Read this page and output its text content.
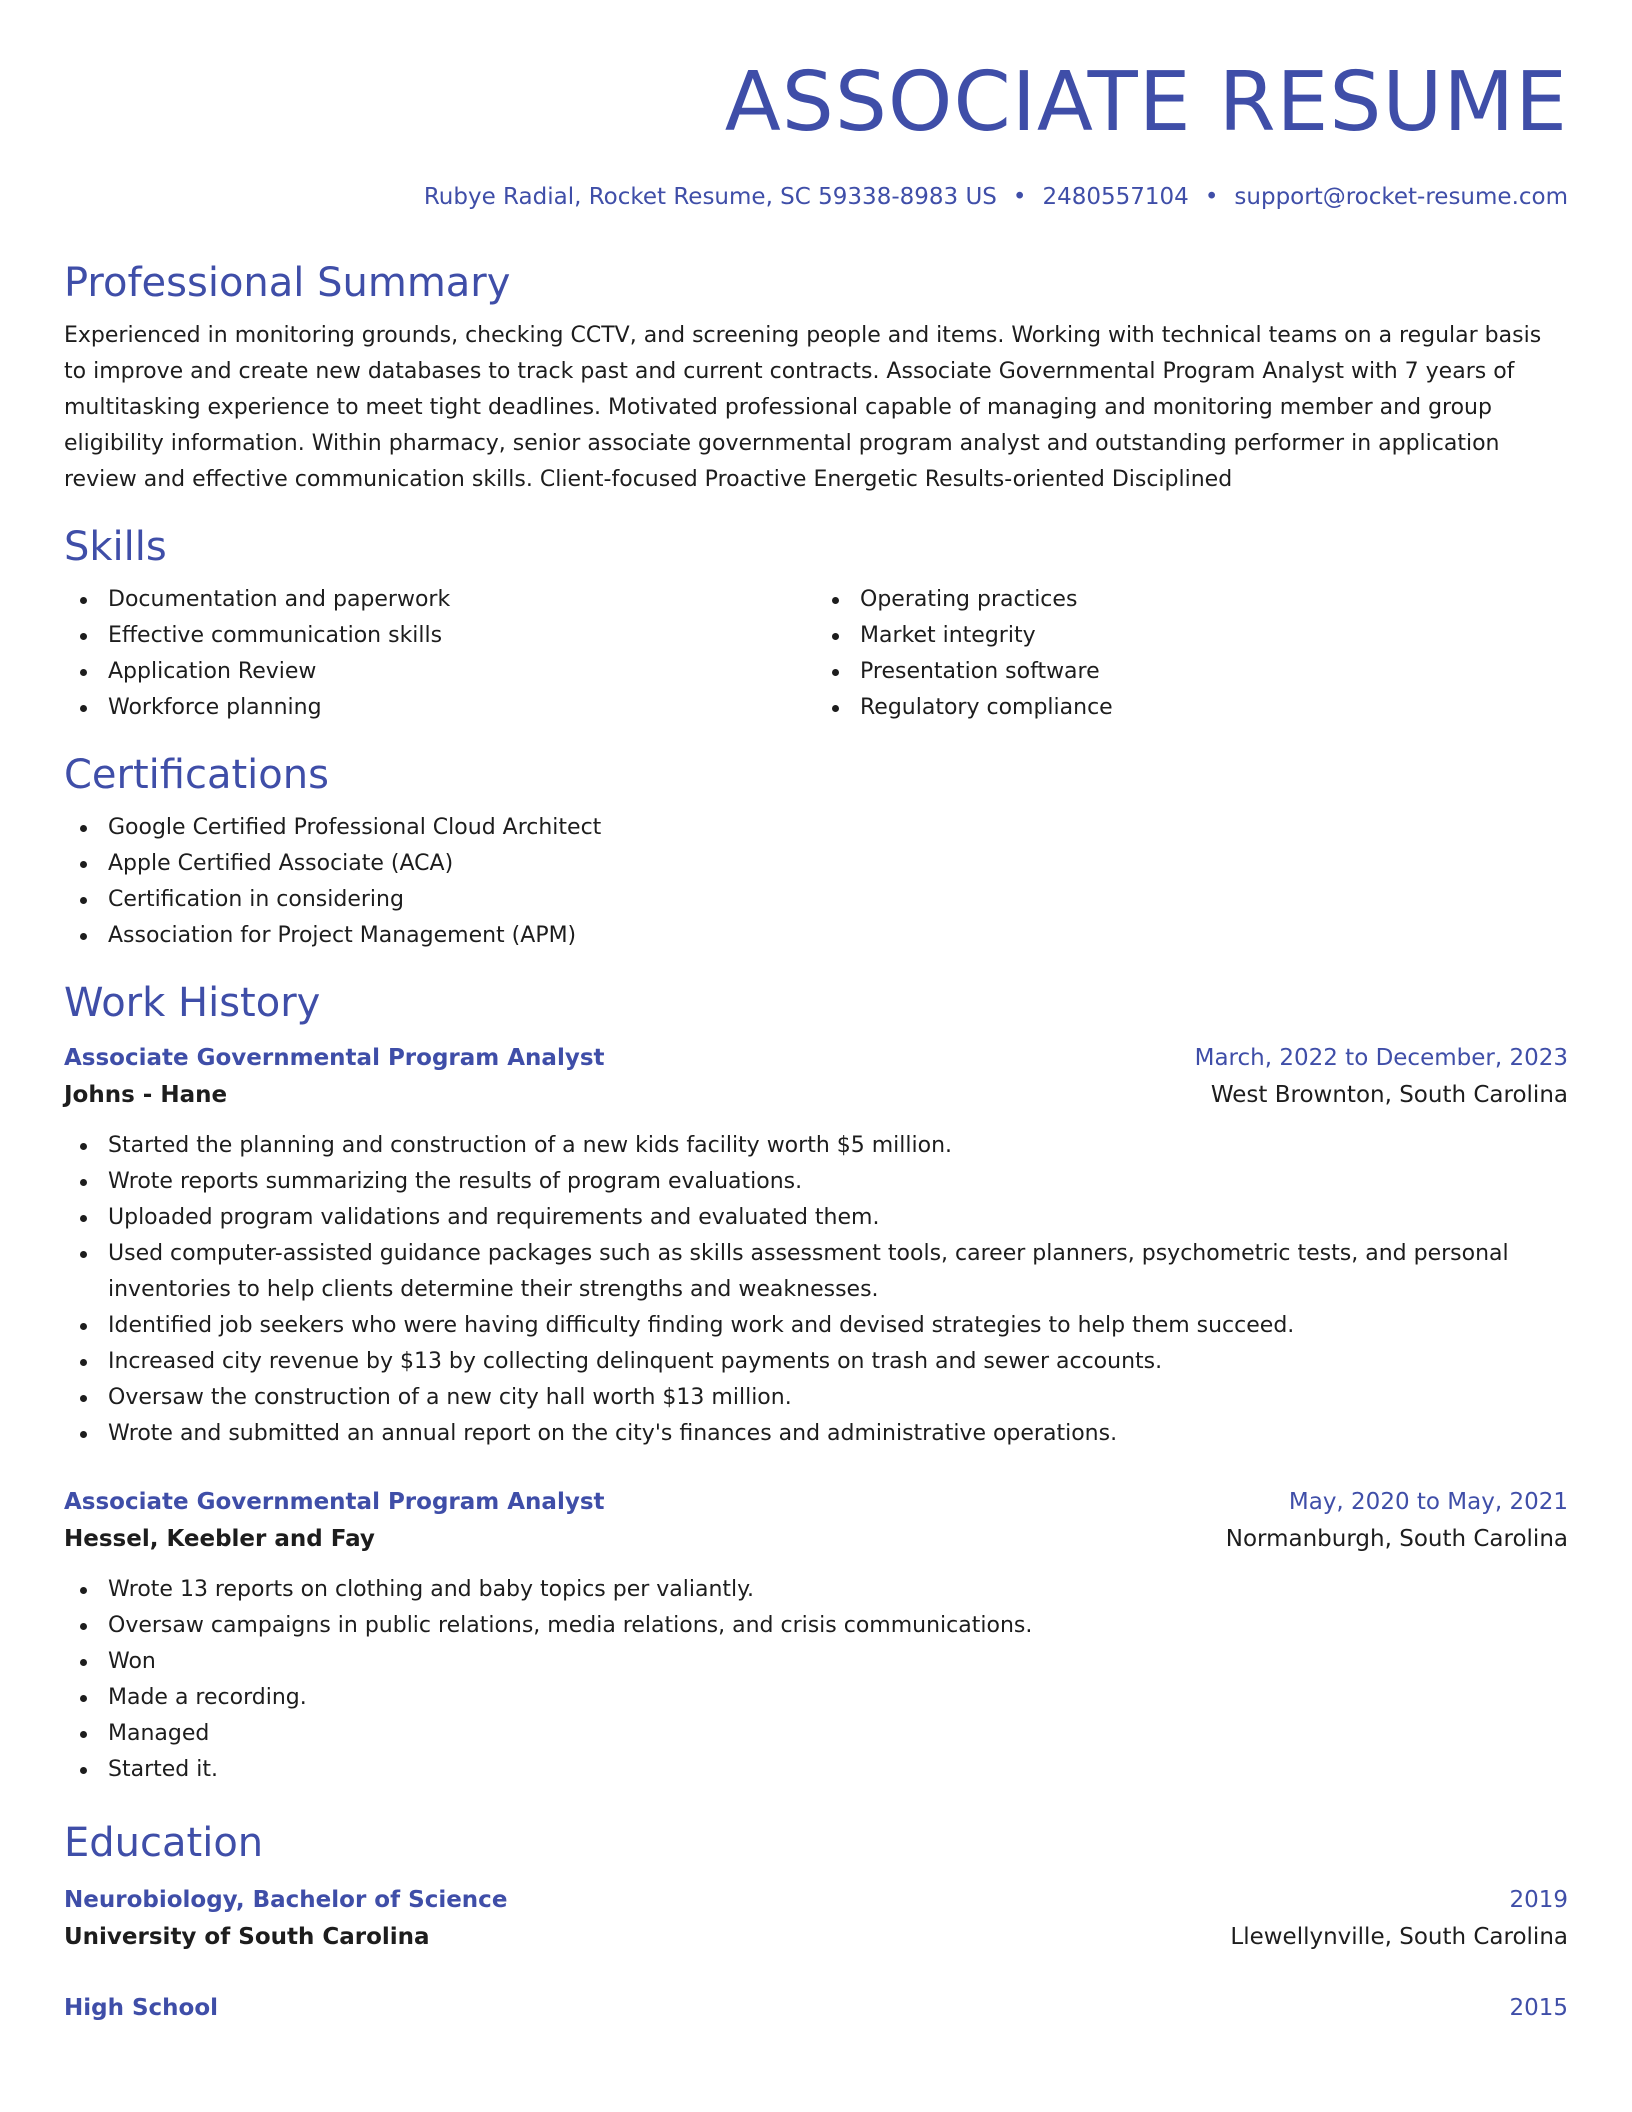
ASSOCIATE RESUME
Rubye Radial, Rocket Resume, SC 59338-8983 US • 2480557104 • support@rocket-resume.com
Professional Summary

Experienced in monitoring grounds, checking CCTV, and screening people and items. Working with technical teams on a regular basis to improve and create new databases to track past and current contracts. Associate Governmental Program Analyst with 7 years of multitasking experience to meet tight deadlines. Motivated professional capable of managing and monitoring member and group eligibility information. Within pharmacy, senior associate governmental program analyst and outstanding performer in application review and effective communication skills. Client-focused Proactive Energetic Results-oriented Disciplined

Skills
Documentation and paperwork
Effective communication skills
Application Review
Workforce planning
Operating practices
Market integrity
Presentation software
Regulatory compliance
Certifications
Google Certified Professional Cloud Architect
Apple Certified Associate (ACA)
Certification in considering
Association for Project Management (APM)
Work History
Associate Governmental Program Analyst	March, 2022 to December, 2023
Johns - Hane	West Brownton, South Carolina
Started the planning and construction of a new kids facility worth $5 million.
Wrote reports summarizing the results of program evaluations.
Uploaded program validations and requirements and evaluated them.
Used computer-assisted guidance packages such as skills assessment tools, career planners, psychometric tests, and personal inventories to help clients determine their strengths and weaknesses.
Identified job seekers who were having difficulty finding work and devised strategies to help them succeed.
Increased city revenue by $13 by collecting delinquent payments on trash and sewer accounts.
Oversaw the construction of a new city hall worth $13 million.
Wrote and submitted an annual report on the city's finances and administrative operations.
Associate Governmental Program Analyst	May, 2020 to May, 2021
Hessel, Keebler and Fay	Normanburgh, South Carolina
Wrote 13 reports on clothing and baby topics per valiantly.
Oversaw campaigns in public relations, media relations, and crisis communications.
Won
Made a recording.
Managed
Started it.
Education
Neurobiology, Bachelor of Science	2019
University of South Carolina	Llewellynville, South Carolina
High School	2015
